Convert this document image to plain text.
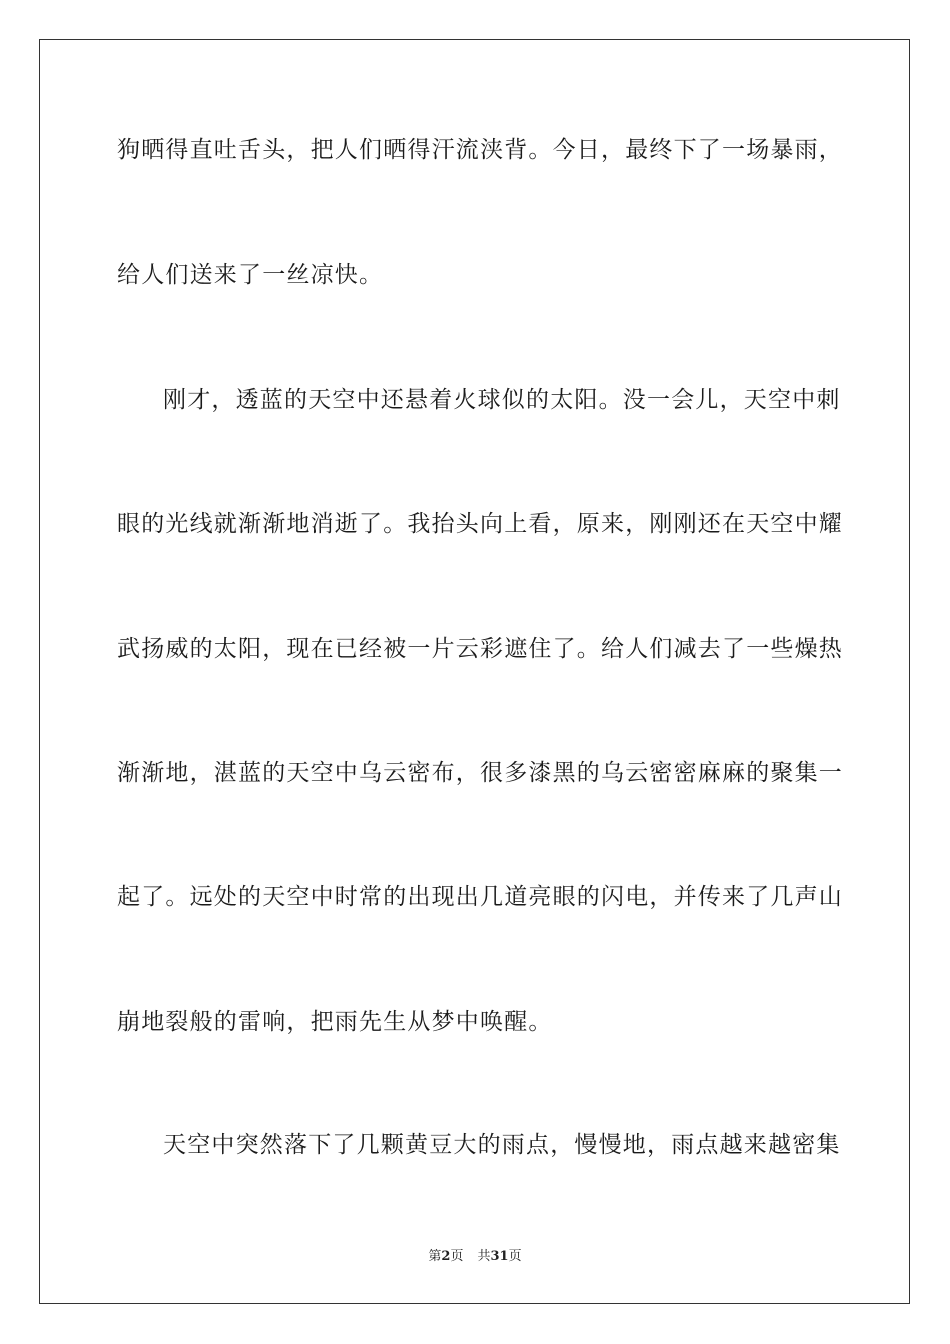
狗晒得直吐舌头，把人们晒得汗流浃背。今日，最终下了一场暴雨，
给人们送来了一丝凉快。
刚才，透蓝的天空中还悬着火球似的太阳。没一会儿，天空中刺
眼的光线就渐渐地消逝了。我抬头向上看，原来，刚刚还在天空中耀
武扬威的太阳，现在已经被一片云彩遮住了。给人们减去了一些燥热
渐渐地，湛蓝的天空中乌云密布，很多漆黑的乌云密密麻麻的聚集一
起了。远处的天空中时常的出现出几道亮眼的闪电，并传来了几声山
崩地裂般的雷响，把雨先生从梦中唤醒。
天空中突然落下了几颗黄豆大的雨点，慢慢地，雨点越来越密集
第2页 共31页
